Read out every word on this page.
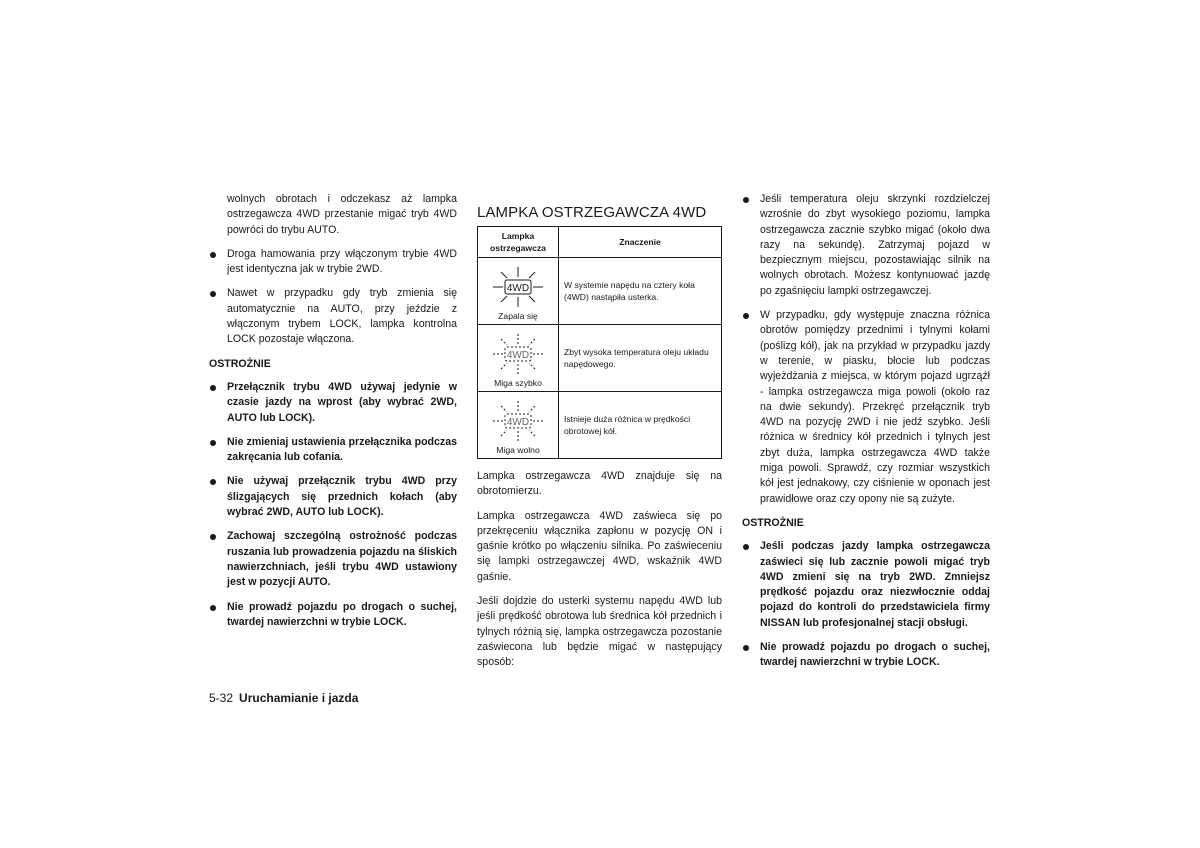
wolnych obrotach i odczekasz aż lampka ostrzegawcza 4WD przestanie migać tryb 4WD powróci do trybu AUTO.

Droga hamowania przy włączonym trybie 4WD jest identyczna jak w trybie 2WD.
Nawet w przypadku gdy tryb zmienia się automatycznie na AUTO, przy jeździe z włączonym trybem LOCK, lampka kontrolna LOCK pozostaje włączona.
OSTROŻNIE
Przełącznik trybu 4WD używaj jedynie w czasie jazdy na wprost (aby wybrać 2WD, AUTO lub LOCK).
Nie zmieniaj ustawienia przełącznika podczas zakręcania lub cofania.
Nie używaj przełącznik trybu 4WD przy ślizgających się przednich kołach (aby wybrać 2WD, AUTO lub LOCK).
Zachowaj szczególną ostrożność podczas ruszania lub prowadzenia pojazdu na śliskich nawierzchniach, jeśli trybu 4WD ustawiony jest w pozycji AUTO.
Nie prowadź pojazdu po drogach o suchej, twardej nawierzchni w trybie LOCK.
LAMPKA OSTRZEGAWCZA 4WD
Lampka ostrzegawcza	Znaczenie

4WD
Zapala się	W systemie napędu na cztery koła (4WD) nastąpiła usterka.

4WD
Miga szybko	Zbyt wysoka temperatura oleju układu napędowego.

4WD
Miga wolno	Istnieje duża różnica w prędkości obrotowej kół.

Lampka ostrzegawcza 4WD znajduje się na obrotomierzu.

Lampka ostrzegawcza 4WD zaświeca się po przekręceniu włącznika zapłonu w pozycję ON i gaśnie krótko po włączeniu silnika. Po zaświeceniu się lampki ostrzegawczej 4WD, wskaźnik 4WD gaśnie.

Jeśli dojdzie do usterki systemu napędu 4WD lub jeśli prędkość obrotowa lub średnica kół przednich i tylnych różnią się, lampka ostrzegawcza pozostanie zaświecona lub będzie migać w następujący sposób:

Jeśli temperatura oleju skrzynki rozdzielczej wzrośnie do zbyt wysokiego poziomu, lampka ostrzegawcza zacznie szybko migać (około dwa razy na sekundę). Zatrzymaj pojazd w bezpiecznym miejscu, pozostawiając silnik na wolnych obrotach. Możesz kontynuować jazdę po zgaśnięciu lampki ostrzegawczej.
W przypadku, gdy występuje znaczna różnica obrotów pomiędzy przednimi i tylnymi kołami (poślizg kół), jak na przykład w przypadku jazdy w terenie, w piasku, błocie lub podczas wyjeżdżania z miejsca, w którym pojazd ugrząźł - lampka ostrzegawcza miga powoli (około raz na dwie sekundy). Przekręć przełącznik tryb 4WD na pozycję 2WD i nie jedź szybko. Jeśli różnica w średnicy kół przednich i tylnych jest zbyt duża, lampka ostrzegawcza 4WD także miga powoli. Sprawdź, czy rozmiar wszystkich kół jest jednakowy, czy ciśnienie w oponach jest prawidłowe oraz czy opony nie są zużyte.
OSTROŻNIE
Jeśli podczas jazdy lampka ostrzegawcza zaświeci się lub zacznie powoli migać tryb 4WD zmieni się na tryb 2WD. Zmniejsz prędkość pojazdu oraz niezwłocznie oddaj pojazd do kontroli do przedstawiciela firmy NISSAN lub profesjonalnej stacji obsługi.
Nie prowadź pojazdu po drogach o suchej, twardej nawierzchni w trybie LOCK.
5-32 Uruchamianie i jazda
